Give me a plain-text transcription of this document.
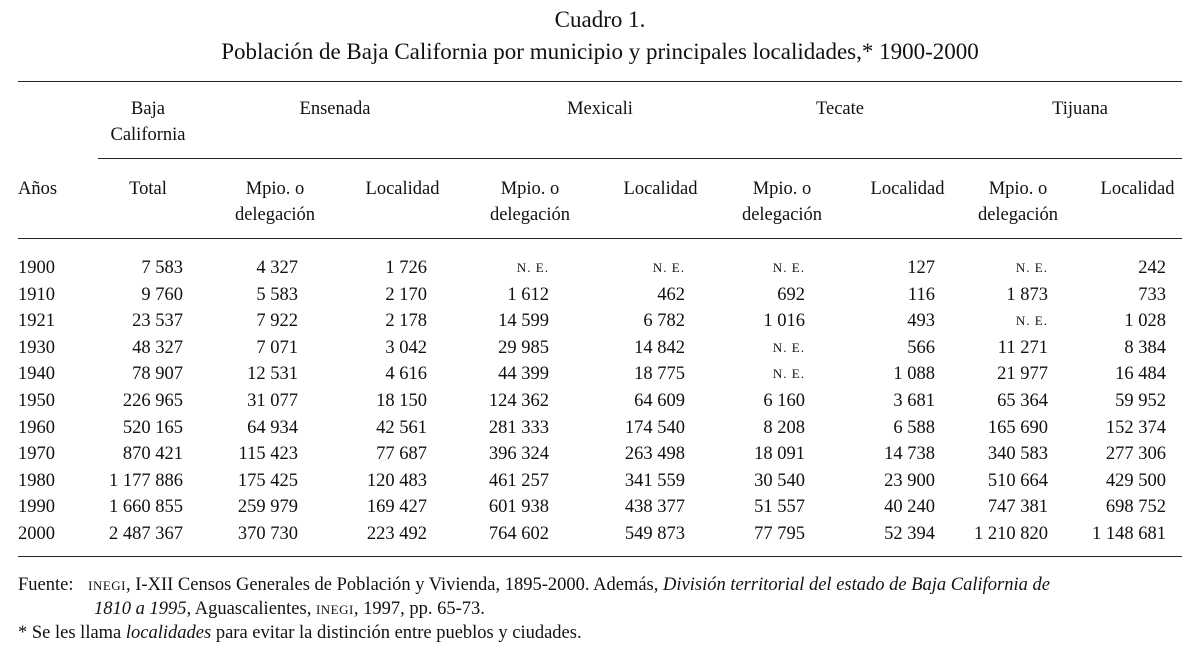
Cuadro 1.
Población de Baja California por municipio y principales localidades,* 1900-2000
Baja
California
Ensenada	Mexicali	Tecate	Tijuana
Años	Total	Mpio. o
delegación
Localidad	Mpio. o
delegación
Localidad	Mpio. o
delegación
Localidad	Mpio. o
delegación
Localidad
1900	7 583	4 327	1 726	N. E.	N. E.	N. E.	127	N. E.	242
1910	9 760	5 583	2 170	1 612	462	692	116	1 873	733
1921	23 537	7 922	2 178	14 599	6 782	1 016	493	N. E.	1 028
1930	48 327	7 071	3 042	29 985	14 842	N. E.	566	11 271	8 384
1940	78 907	12 531	4 616	44 399	18 775	N. E.	1 088	21 977	16 484
1950	226 965	31 077	18 150	124 362	64 609	6 160	3 681	65 364	59 952
1960	520 165	64 934	42 561	281 333	174 540	8 208	6 588	165 690	152 374
1970	870 421	115 423	77 687	396 324	263 498	18 091	14 738	340 583	277 306
1980	1 177 886	175 425	120 483	461 257	341 559	30 540	23 900	510 664	429 500
1990	1 660 855	259 979	169 427	601 938	438 377	51 557	40 240	747 381	698 752
2000	2 487 367	370 730	223 492	764 602	549 873	77 795	52 394	1 210 820	1 148 681
Fuente: INEGI, I-XII Censos Generales de Población y Vivienda, 1895-2000. Además, División territorial del estado de Baja California de
1810 a 1995, Aguascalientes, INEGI, 1997, pp. 65-73.
* Se les llama localidades para evitar la distinción entre pueblos y ciudades.
